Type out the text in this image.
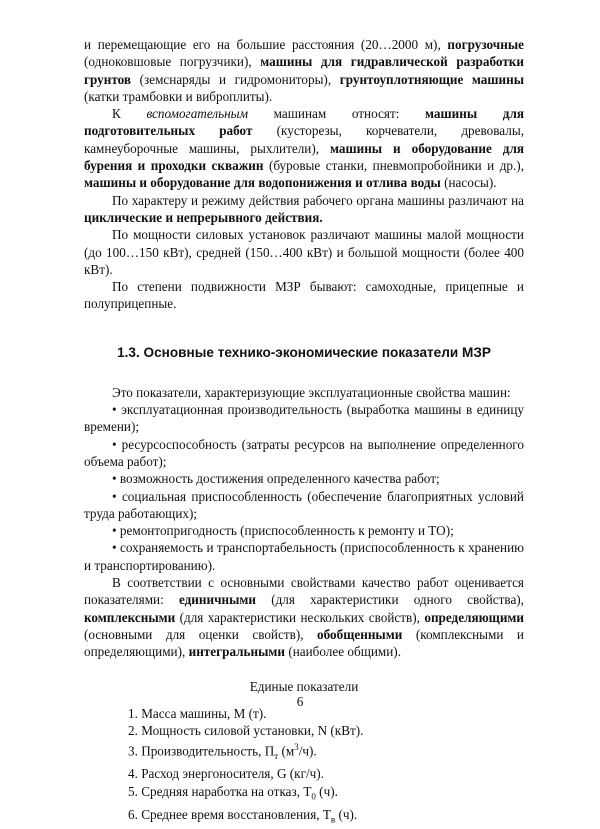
и перемещающие его на большие расстояния (20…2000 м), погрузочные (одноковшовые погрузчики), машины для гидравлической разработки грунтов (земснаряды и гидромониторы), грунтоуплотняющие машины (катки трамбовки и виброплиты).

К вспомогательным машинам относят: машины для подготовительных работ (кусторезы, корчеватели, древовалы, камнеуборочные машины, рыхлители), машины и оборудование для бурения и проходки скважин (буровые станки, пневмопробойники и др.), машины и оборудование для водопонижения и отлива воды (насосы).

По характеру и режиму действия рабочего органа машины различают на циклические и непрерывного действия.

По мощности силовых установок различают машины малой мощности (до 100…150 кВт), средней (150…400 кВт) и большой мощности (более 400 кВт).

По степени подвижности МЗР бывают: самоходные, прицепные и полуприцепные.

1.3. Основные технико-экономические показатели МЗР

Это показатели, характеризующие эксплуатационные свойства машин:

• эксплуатационная производительность (выработка машины в единицу времени);

• ресурсоспособность (затраты ресурсов на выполнение определенного объема работ);

• возможность достижения определенного качества работ;

• социальная приспособленность (обеспечение благоприятных условий труда работающих);

• ремонтопригодность (приспособленность к ремонту и ТО);

• сохраняемость и транспортабельность (приспособленность к хранению и транспортированию).

В соответствии с основными свойствами качество работ оценивается показателями: единичными (для характеристики одного свойства), комплексными (для характеристики нескольких свойств), определяющими (основными для оценки свойств), обобщенными (комплексными и определяющими), интегральными (наиболее общими).

Единые показатели
1. Масса машины, М (т).
2. Мощность силовой установки, N (кВт).
3. Производительность, $П_т$ $(м^3/ч)$.
4. Расход энергоносителя, G (кг/ч).
5. Средняя наработка на отказ, $Т_0$ (ч).
6. Среднее время восстановления, $Т_в$ (ч).
6
